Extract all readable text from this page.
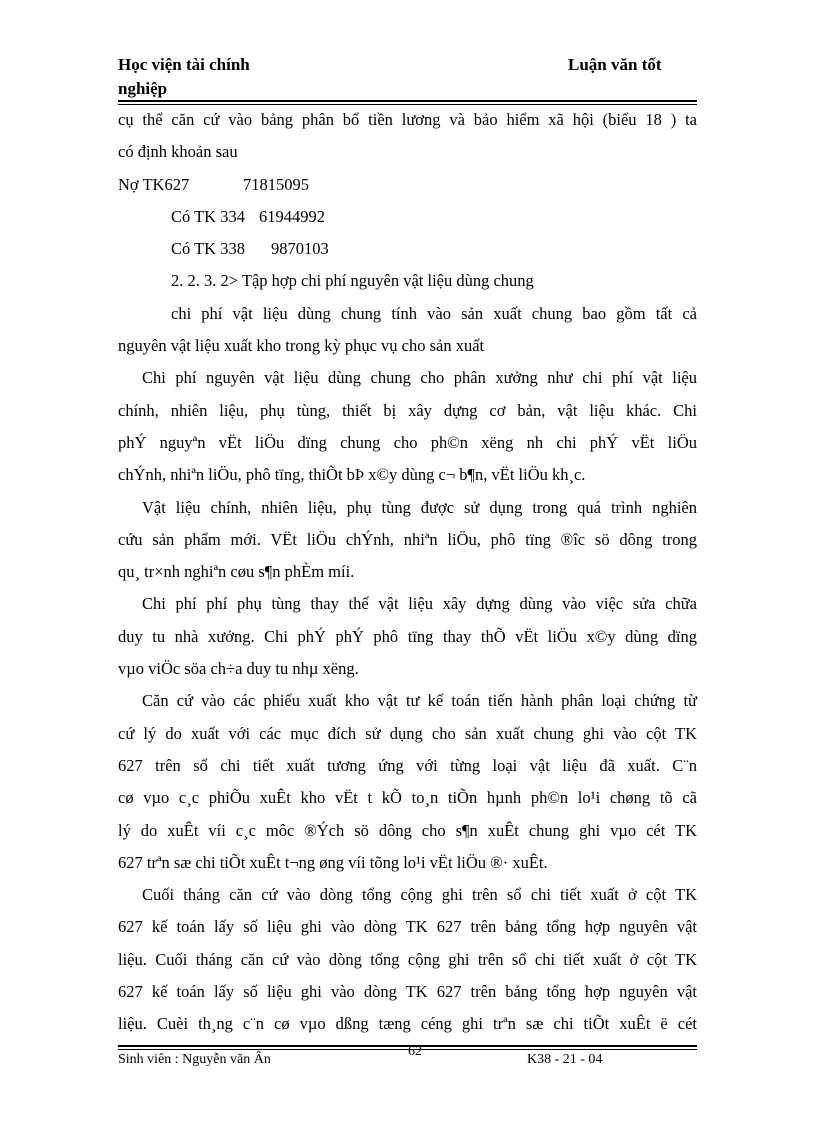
Học viện tài chính nghiệp
Luận văn tốt
cụ thể căn cứ vào bảng phân bổ tiền lương và bảo hiểm xã hội (biểu 18 ) ta
có định khoản sau
Nợ TK627	71815095
Có TK 334 61944992
Có TK 338 9870103
2. 2. 3. 2> Tập hợp chi phí nguyên vật liệu dùng chung
chi phí vật liệu dùng chung tính vào sản xuất chung bao gồm tất cả
nguyên vật liệu xuất kho trong kỳ phục vụ cho sản xuất
Chi phí nguyên vật liệu dùng chung cho phân xưởng như chi phí vật liệu
chính, nhiên liệu, phụ tùng, thiết bị xây dựng cơ bản, vật liệu khác. Chi
phÝ nguyªn vËt liÖu dïng chung cho ph©n xëng nh chi phÝ vËt liÖu
chÝnh, nhiªn liÖu, phô tïng, thiÕt bÞ x©y dùng c¬ b¶n, vËt liÖu kh¸c.
Vật liệu chính, nhiên liệu, phụ tùng được sử dụng trong quá trình nghiên
cứu sản phẩm mới. VËt liÖu chÝnh, nhiªn liÖu, phô tïng ®îc sö dông trong
qu¸ tr×nh nghiªn cøu s¶n phÈm míi.
Chi phí phí phụ tùng thay thế vật liệu xây dựng dùng vào việc sửa chữa
duy tu nhà xưởng. Chi phÝ phÝ phô tïng thay thÕ vËt liÖu x©y dùng dïng
vµo viÖc söa ch÷a duy tu nhµ xëng.
Căn cứ vào các phiếu xuất kho vật tư kế toán tiến hành phân loại chứng từ
cứ lý do xuất với các mục đích sử dụng cho sản xuất chung ghi vào cột TK
627 trên sổ chi tiết xuất tương ứng với từng loại vật liệu đã xuất. C¨n
cø vµo c¸c phiÕu xuÊt kho vËt t kÕ to¸n tiÕn hµnh ph©n lo¹i chøng tõ cã
lý do xuÊt víi c¸c môc ®Ých sö dông cho s¶n xuÊt chung ghi vµo cét TK
627 trªn sæ chi tiÕt xuÊt t¬ng øng víi tõng lo¹i vËt liÖu ®· xuÊt.
Cuối tháng căn cứ vào dòng tổng cộng ghi trên sổ chi tiết xuất ở cột TK
627 kế toán lấy số liệu ghi vào dòng TK 627 trên bảng tổng hợp nguyên vật
liệu. Cuối tháng căn cứ vào dòng tổng cộng ghi trên sổ chi tiết xuất ở cột TK
627 kế toán lấy số liệu ghi vào dòng TK 627 trên bảng tổng hợp nguyên vật
liệu. Cuèi th¸ng c¨n cø vµo dßng tæng céng ghi trªn sæ chi tiÕt xuÊt ë cét
Sinh viên : Nguyễn văn Ân
62
K38 - 21 - 04
